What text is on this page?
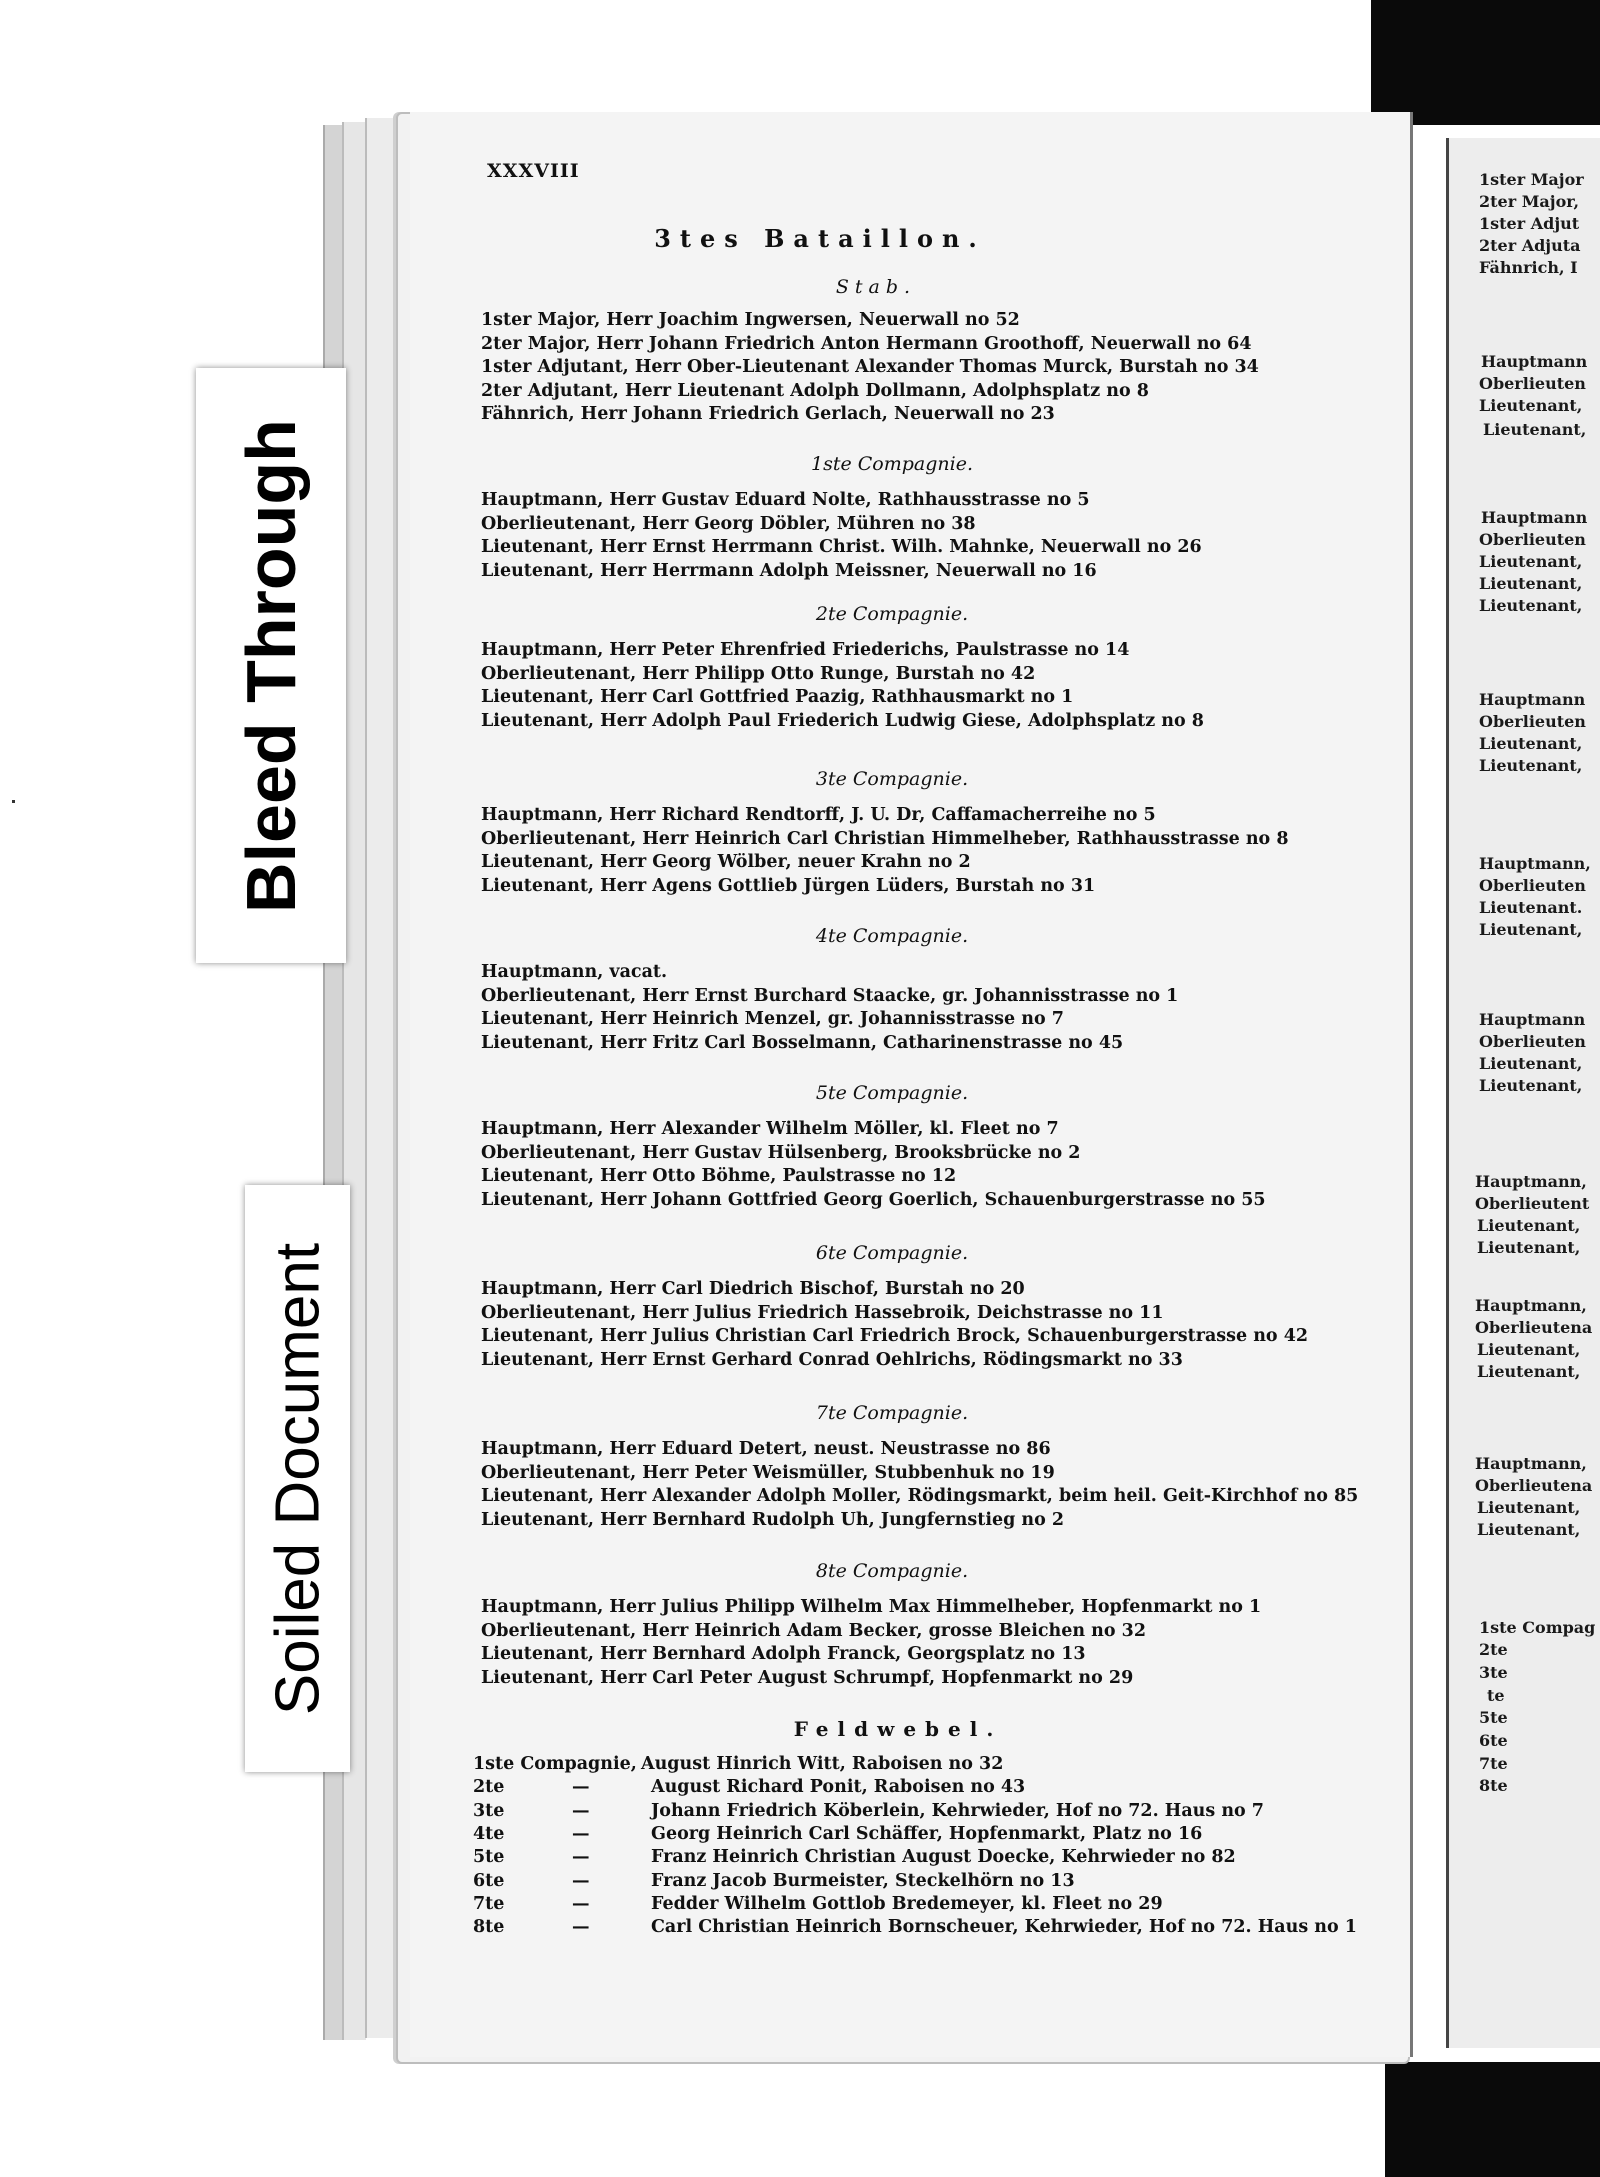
1ster Major
2ter Major,
1ster Adjut
2ter Adjuta
Fähnrich, I
Hauptmann
Oberlieuten
Lieutenant,
Lieutenant,
Hauptmann
Oberlieuten
Lieutenant,
Lieutenant,
Lieutenant,
Hauptmann
Oberlieuten
Lieutenant,
Lieutenant,
Hauptmann,
Oberlieuten
Lieutenant.
Lieutenant,
Hauptmann
Oberlieuten
Lieutenant,
Lieutenant,
Hauptmann,
Oberlieutent
Lieutenant,
Lieutenant,
Hauptmann,
Oberlieutena
Lieutenant,
Lieutenant,
Hauptmann,
Oberlieutena
Lieutenant,
Lieutenant,
1ste Compag
2te
3te
te
5te
6te
7te
8te
Bleed Through
Soiled Document
XXXVIII
3tes Bataillon.
Stab.
1ster Major, Herr Joachim Ingwersen, Neuerwall no 52
2ter Major, Herr Johann Friedrich Anton Hermann Groothoff, Neuerwall no 64
1ster Adjutant, Herr Ober-Lieutenant Alexander Thomas Murck, Burstah no 34
2ter Adjutant, Herr Lieutenant Adolph Dollmann, Adolphsplatz no 8
Fähnrich, Herr Johann Friedrich Gerlach, Neuerwall no 23
1ste Compagnie.
Hauptmann, Herr Gustav Eduard Nolte, Rathhausstrasse no 5
Oberlieutenant, Herr Georg Döbler, Mühren no 38
Lieutenant, Herr Ernst Herrmann Christ. Wilh. Mahnke, Neuerwall no 26
Lieutenant, Herr Herrmann Adolph Meissner, Neuerwall no 16
2te Compagnie.
Hauptmann, Herr Peter Ehrenfried Friederichs, Paulstrasse no 14
Oberlieutenant, Herr Philipp Otto Runge, Burstah no 42
Lieutenant, Herr Carl Gottfried Paazig, Rathhausmarkt no 1
Lieutenant, Herr Adolph Paul Friederich Ludwig Giese, Adolphsplatz no 8
3te Compagnie.
Hauptmann, Herr Richard Rendtorff, J. U. Dr, Caffamacherreihe no 5
Oberlieutenant, Herr Heinrich Carl Christian Himmelheber, Rathhausstrasse no 8
Lieutenant, Herr Georg Wölber, neuer Krahn no 2
Lieutenant, Herr Agens Gottlieb Jürgen Lüders, Burstah no 31
4te Compagnie.
Hauptmann, vacat.
Oberlieutenant, Herr Ernst Burchard Staacke, gr. Johannisstrasse no 1
Lieutenant, Herr Heinrich Menzel, gr. Johannisstrasse no 7
Lieutenant, Herr Fritz Carl Bosselmann, Catharinenstrasse no 45
5te Compagnie.
Hauptmann, Herr Alexander Wilhelm Möller, kl. Fleet no 7
Oberlieutenant, Herr Gustav Hülsenberg, Brooksbrücke no 2
Lieutenant, Herr Otto Böhme, Paulstrasse no 12
Lieutenant, Herr Johann Gottfried Georg Goerlich, Schauenburgerstrasse no 55
6te Compagnie.
Hauptmann, Herr Carl Diedrich Bischof, Burstah no 20
Oberlieutenant, Herr Julius Friedrich Hassebroik, Deichstrasse no 11
Lieutenant, Herr Julius Christian Carl Friedrich Brock, Schauenburgerstrasse no 42
Lieutenant, Herr Ernst Gerhard Conrad Oehlrichs, Rödingsmarkt no 33
7te Compagnie.
Hauptmann, Herr Eduard Detert, neust. Neustrasse no 86
Oberlieutenant, Herr Peter Weismüller, Stubbenhuk no 19
Lieutenant, Herr Alexander Adolph Moller, Rödingsmarkt, beim heil. Geit-Kirchhof no 85
Lieutenant, Herr Bernhard Rudolph Uh, Jungfernstieg no 2
8te Compagnie.
Hauptmann, Herr Julius Philipp Wilhelm Max Himmelheber, Hopfenmarkt no 1
Oberlieutenant, Herr Heinrich Adam Becker, grosse Bleichen no 32
Lieutenant, Herr Bernhard Adolph Franck, Georgsplatz no 13
Lieutenant, Herr Carl Peter August Schrumpf, Hopfenmarkt no 29
Feldwebel.
1ste Compagnie, August Hinrich Witt, Raboisen no 32
2te	—	August Richard Ponit, Raboisen no 43
3te	—	Johann Friedrich Köberlein, Kehrwieder, Hof no 72. Haus no 7
4te	—	Georg Heinrich Carl Schäffer, Hopfenmarkt, Platz no 16
5te	—	Franz Heinrich Christian August Doecke, Kehrwieder no 82
6te	—	Franz Jacob Burmeister, Steckelhörn no 13
7te	—	Fedder Wilhelm Gottlob Bredemeyer, kl. Fleet no 29
8te	—	Carl Christian Heinrich Bornscheuer, Kehrwieder, Hof no 72. Haus no 1
